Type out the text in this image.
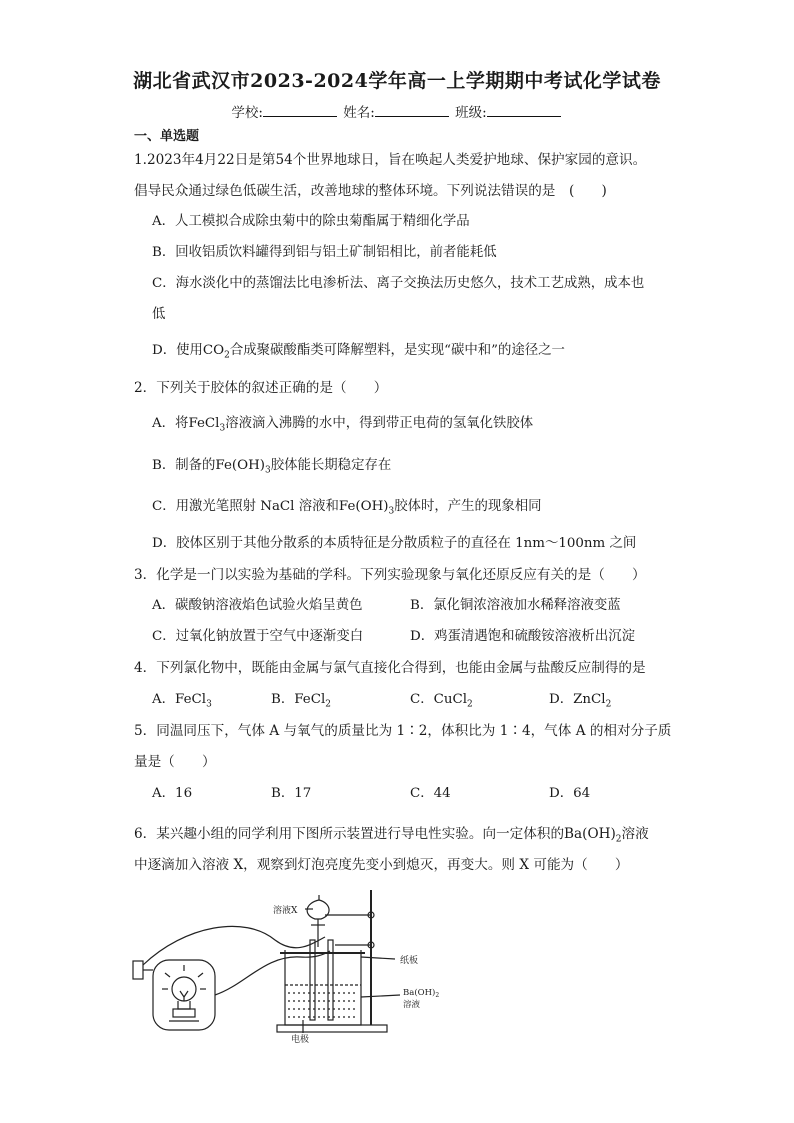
湖北省武汉市2023-2024学年高一上学期期中考试化学试卷
学校:	姓名:	班级:
一、单选题
1.2023年4月22日是第54个世界地球日，旨在唤起人类爱护地球、保护家园的意识。
倡导民众通过绿色低碳生活，改善地球的整体环境。下列说法错误的是　(　　)
A．人工模拟合成除虫菊中的除虫菊酯属于精细化学品
B．回收铝质饮料罐得到铝与铝土矿制铝相比，前者能耗低
C．海水淡化中的蒸馏法比电渗析法、离子交换法历史悠久，技术工艺成熟，成本也
低
D．使用$CO_2$合成聚碳酸酯类可降解塑料，是实现“碳中和”的途径之一
2．下列关于胶体的叙述正确的是（　　）
A．将FeCl$_3$溶液滴入沸腾的水中，得到带正电荷的氢氧化铁胶体
B．制备的$Fe(OH)_3$胶体能长期稳定存在
C．用激光笔照射 NaCl 溶液和$Fe(OH)_3$胶体时，产生的现象相同
D．胶体区别于其他分散系的本质特征是分散质粒子的直径在 1nm～100nm 之间
3．化学是一门以实验为基础的学科。下列实验现象与氧化还原反应有关的是（　　）
A．碳酸钠溶液焰色试验火焰呈黄色	B．氯化铜浓溶液加水稀释溶液变蓝
C．过氧化钠放置于空气中逐渐变白	D．鸡蛋清遇饱和硫酸铵溶液析出沉淀
4．下列氯化物中，既能由金属与氯气直接化合得到，也能由金属与盐酸反应制得的是
A．FeCl$_3$	B．FeCl$_2$	C．CuCl$_2$	D．ZnCl$_2$
5．同温同压下，气体 A 与氧气的质量比为 1∶2，体积比为 1∶4，气体 A 的相对分子质
量是（　　）
A．16	B．17	C．44	D．64
6．某兴趣小组的同学利用下图所示装置进行导电性实验。向一定体积的$Ba(OH)_2$溶液
中逐滴加入溶液 X，观察到灯泡亮度先变小到熄灭，再变大。则 X 可能为（　　）
溶液X
纸板
$Ba(OH)_2$
溶液
电极
